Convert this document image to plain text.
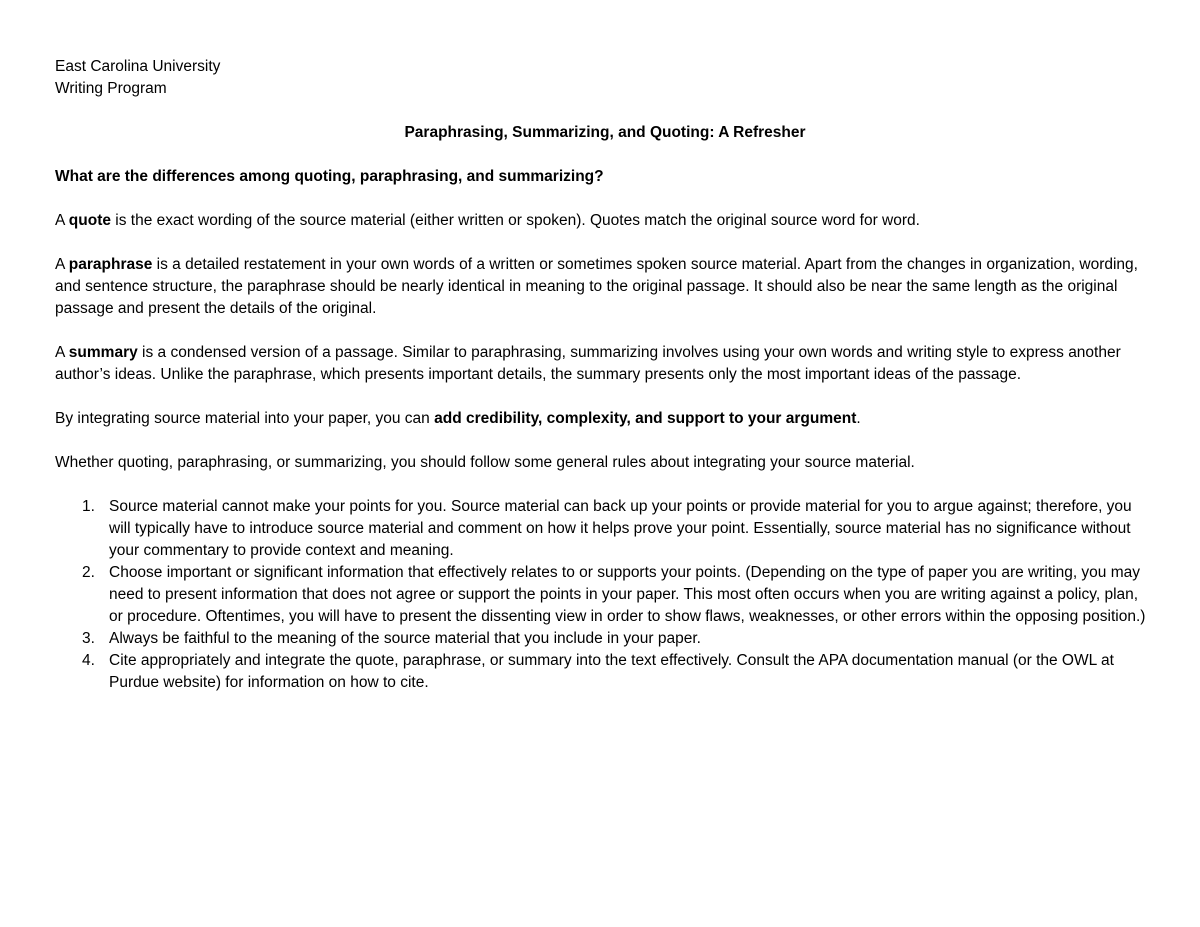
East Carolina University
Writing Program
Paraphrasing, Summarizing, and Quoting: A Refresher
What are the differences among quoting, paraphrasing, and summarizing?

A quote is the exact wording of the source material (either written or spoken). Quotes match the original source word for word.

A paraphrase is a detailed restatement in your own words of a written or sometimes spoken source material. Apart from the changes in organization, wording, and sentence structure, the paraphrase should be nearly identical in meaning to the original passage. It should also be near the same length as the original passage and present the details of the original.

A summary is a condensed version of a passage. Similar to paraphrasing, summarizing involves using your own words and writing style to express another author’s ideas. Unlike the paraphrase, which presents important details, the summary presents only the most important ideas of the passage.

By integrating source material into your paper, you can add credibility, complexity, and support to your argument.

Whether quoting, paraphrasing, or summarizing, you should follow some general rules about integrating your source material.

1. Source material cannot make your points for you. Source material can back up your points or provide material for you to argue against; therefore, you will typically have to introduce source material and comment on how it helps prove your point. Essentially, source material has no significance without your commentary to provide context and meaning.
2. Choose important or significant information that effectively relates to or supports your points. (Depending on the type of paper you are writing, you may need to present information that does not agree or support the points in your paper. This most often occurs when you are writing against a policy, plan, or procedure. Oftentimes, you will have to present the dissenting view in order to show flaws, weaknesses, or other errors within the opposing position.)
3. Always be faithful to the meaning of the source material that you include in your paper.
4. Cite appropriately and integrate the quote, paraphrase, or summary into the text effectively. Consult the APA documentation manual (or the OWL at Purdue website) for information on how to cite.
